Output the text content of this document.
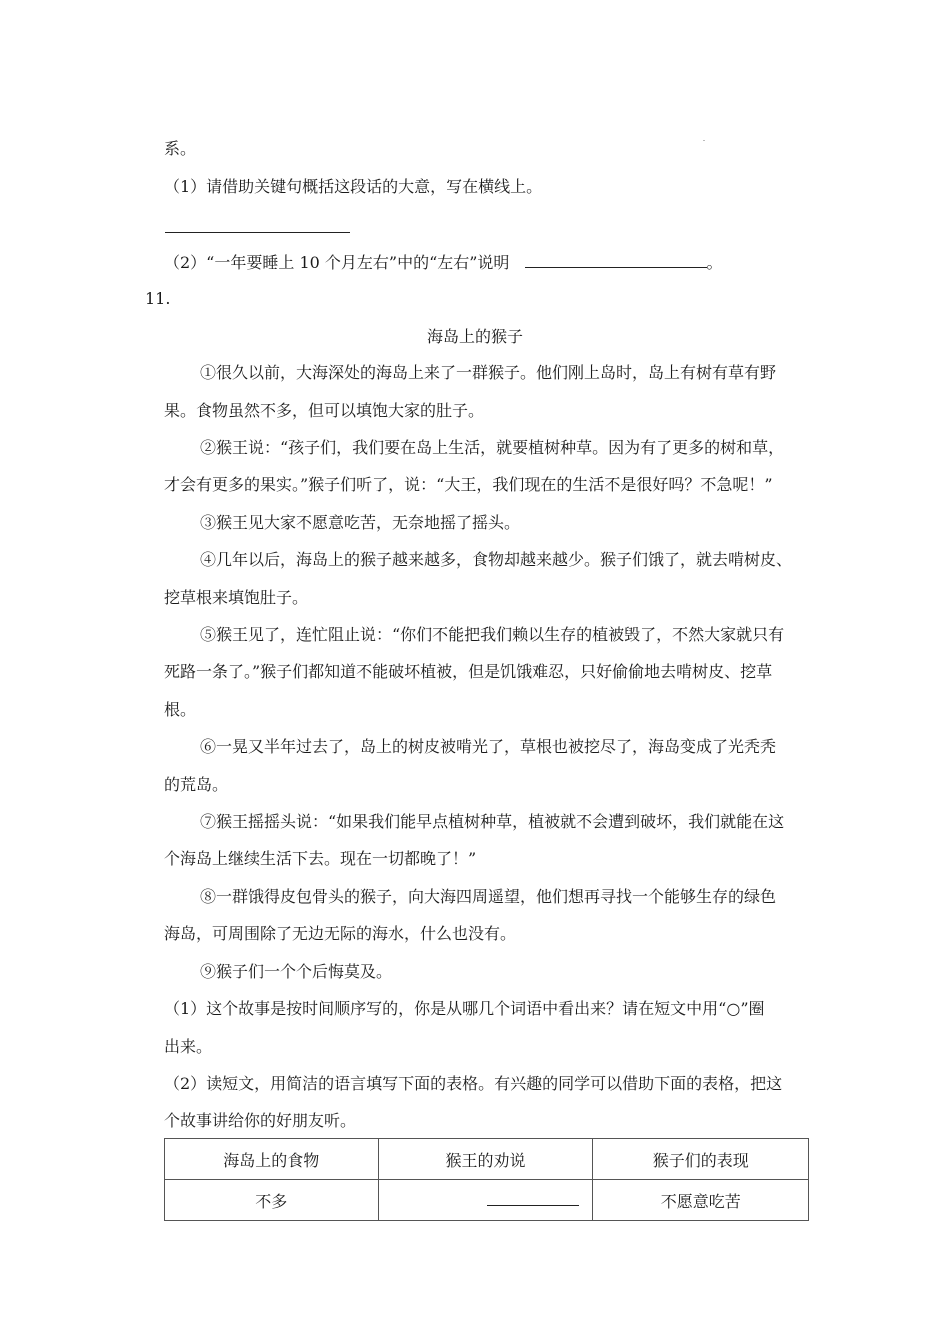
系。
（1）请借助关键句概括这段话的大意，写在横线上。
（2）“一年要睡上 10 个月左右”中的“左右”说明	。
11.
海岛上的猴子
①很久以前，大海深处的海岛上来了一群猴子。他们刚上岛时，岛上有树有草有野
果。食物虽然不多，但可以填饱大家的肚子。
②猴王说：“孩子们，我们要在岛上生活，就要植树种草。因为有了更多的树和草，
才会有更多的果实。”猴子们听了，说：“大王，我们现在的生活不是很好吗？不急呢！”
③猴王见大家不愿意吃苦，无奈地摇了摇头。
④几年以后，海岛上的猴子越来越多，食物却越来越少。猴子们饿了，就去啃树皮、
挖草根来填饱肚子。
⑤猴王见了，连忙阻止说：“你们不能把我们赖以生存的植被毁了，不然大家就只有
死路一条了。”猴子们都知道不能破坏植被，但是饥饿难忍，只好偷偷地去啃树皮、挖草
根。
⑥一晃又半年过去了，岛上的树皮被啃光了，草根也被挖尽了，海岛变成了光秃秃
的荒岛。
⑦猴王摇摇头说：“如果我们能早点植树种草，植被就不会遭到破坏，我们就能在这
个海岛上继续生活下去。现在一切都晚了！”
⑧一群饿得皮包骨头的猴子，向大海四周遥望，他们想再寻找一个能够生存的绿色
海岛，可周围除了无边无际的海水，什么也没有。
⑨猴子们一个个后悔莫及。
（1）这个故事是按时间顺序写的，你是从哪几个词语中看出来？请在短文中用“○”圈
出来。
（2）读短文，用简洁的语言填写下面的表格。有兴趣的同学可以借助下面的表格，把这
个故事讲给你的好朋友听。
海岛上的食物	猴王的劝说	猴子们的表现
不多		不愿意吃苦
